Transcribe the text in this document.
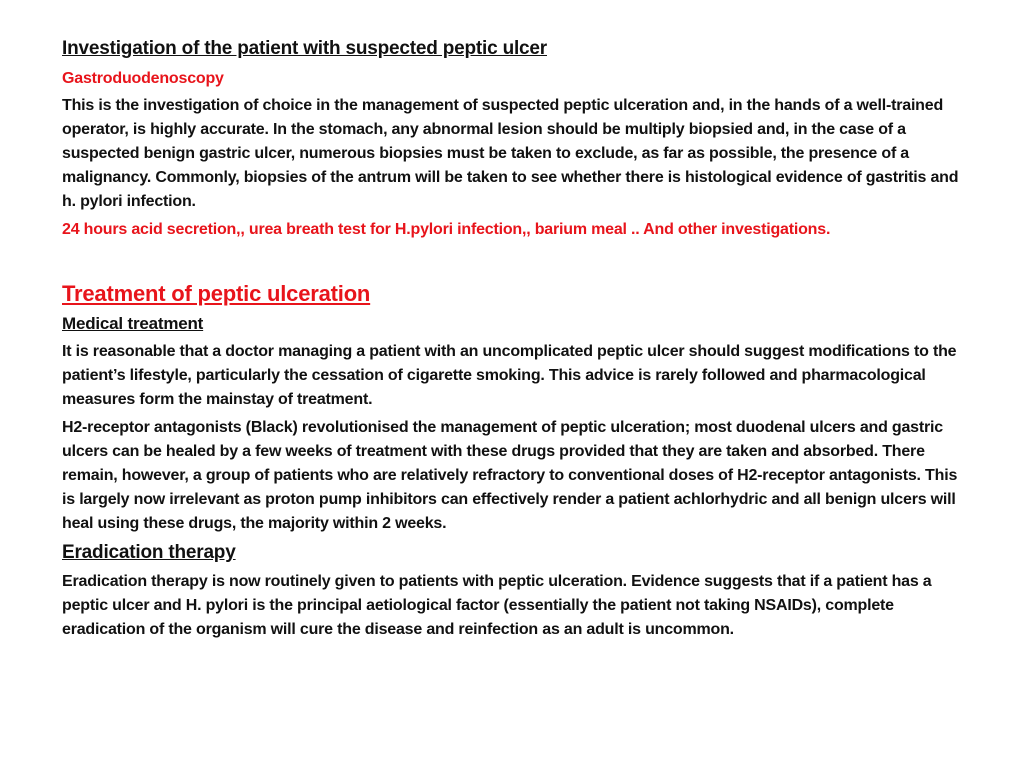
Investigation of the patient with suspected peptic ulcer
Gastroduodenoscopy
This is the investigation of choice in the management of suspected peptic ulceration and, in the hands of a well-trained operator, is highly accurate. In the stomach, any abnormal lesion should be multiply biopsied and, in the case of a suspected benign gastric ulcer, numerous biopsies must be taken to exclude, as far as possible, the presence of a malignancy. Commonly, biopsies of the antrum will be taken to see whether there is histological evidence of gastritis and h. pylori infection.
24 hours acid secretion,, urea breath test for H.pylori infection,, barium meal .. And other investigations.
Treatment of peptic ulceration
Medical treatment
It is reasonable that a doctor managing a patient with an uncomplicated peptic ulcer should suggest modifications to the patient’s lifestyle, particularly the cessation of cigarette smoking. This advice is rarely followed and pharmacological measures form the mainstay of treatment.
H2-receptor antagonists (Black) revolutionised the management of peptic ulceration; most duodenal ulcers and gastric ulcers can be healed by a few weeks of treatment with these drugs provided that they are taken and absorbed. There remain, however, a group of patients who are relatively refractory to conventional doses of H2-receptor antagonists. This is largely now irrelevant as proton pump inhibitors can effectively render a patient achlorhydric and all benign ulcers will heal using these drugs, the majority within 2 weeks.
Eradication therapy
Eradication therapy is now routinely given to patients with peptic ulceration. Evidence suggests that if a patient has a peptic ulcer and H. pylori is the principal aetiological factor (essentially the patient not taking NSAIDs), complete eradication of the organism will cure the disease and reinfection as an adult is uncommon.
